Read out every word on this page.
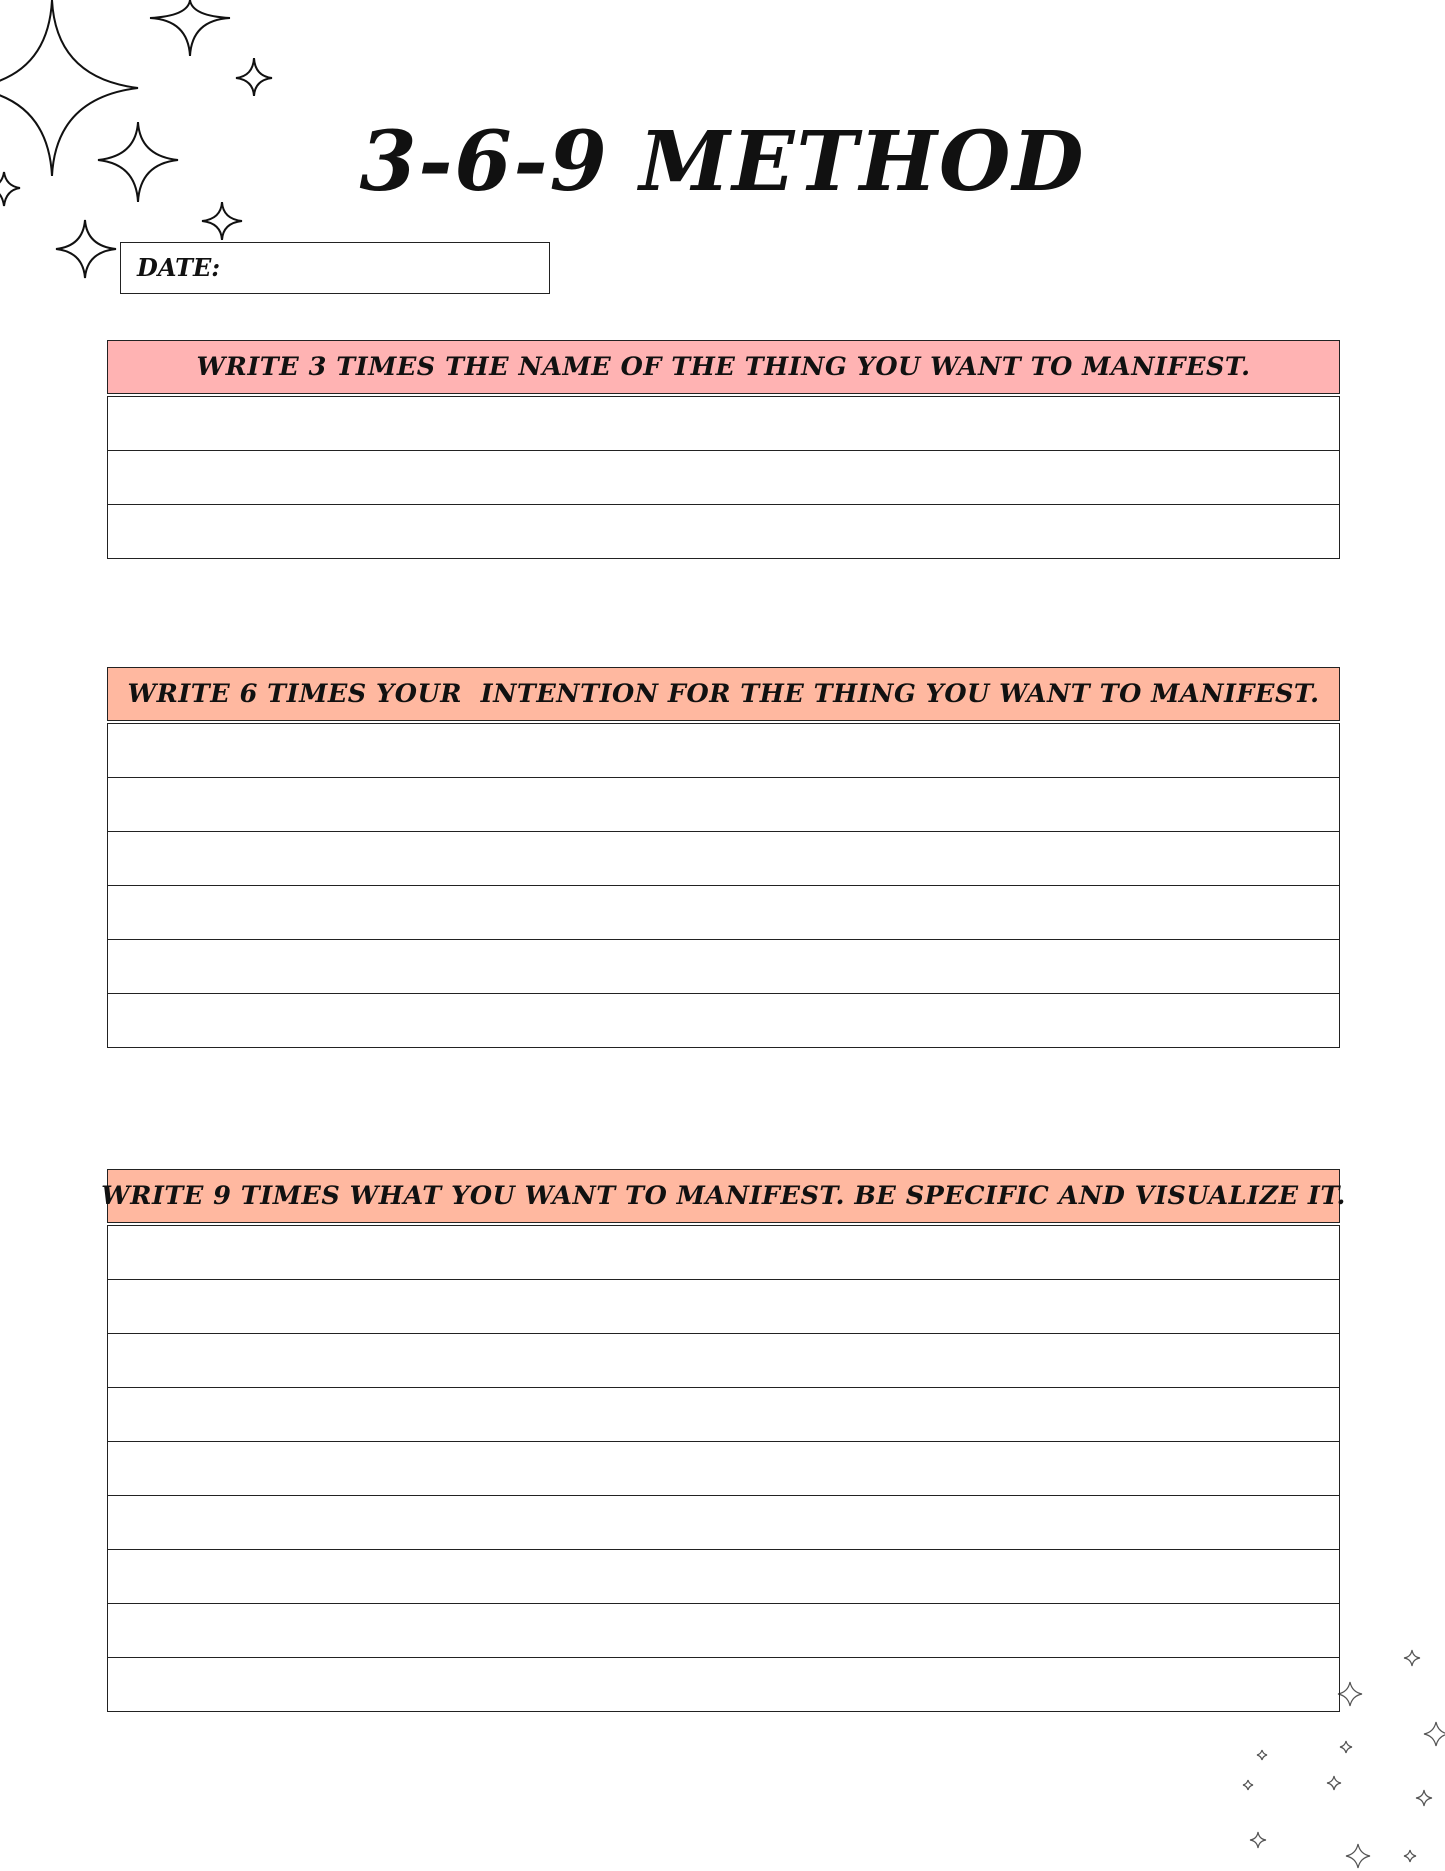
3-6-9 METHOD
DATE:
WRITE 3 TIMES THE NAME OF THE THING YOU WANT TO MANIFEST.
WRITE 6 TIMES YOUR  INTENTION FOR THE THING YOU WANT TO MANIFEST.
WRITE 9 TIMES WHAT YOU WANT TO MANIFEST. BE SPECIFIC AND VISUALIZE IT.
